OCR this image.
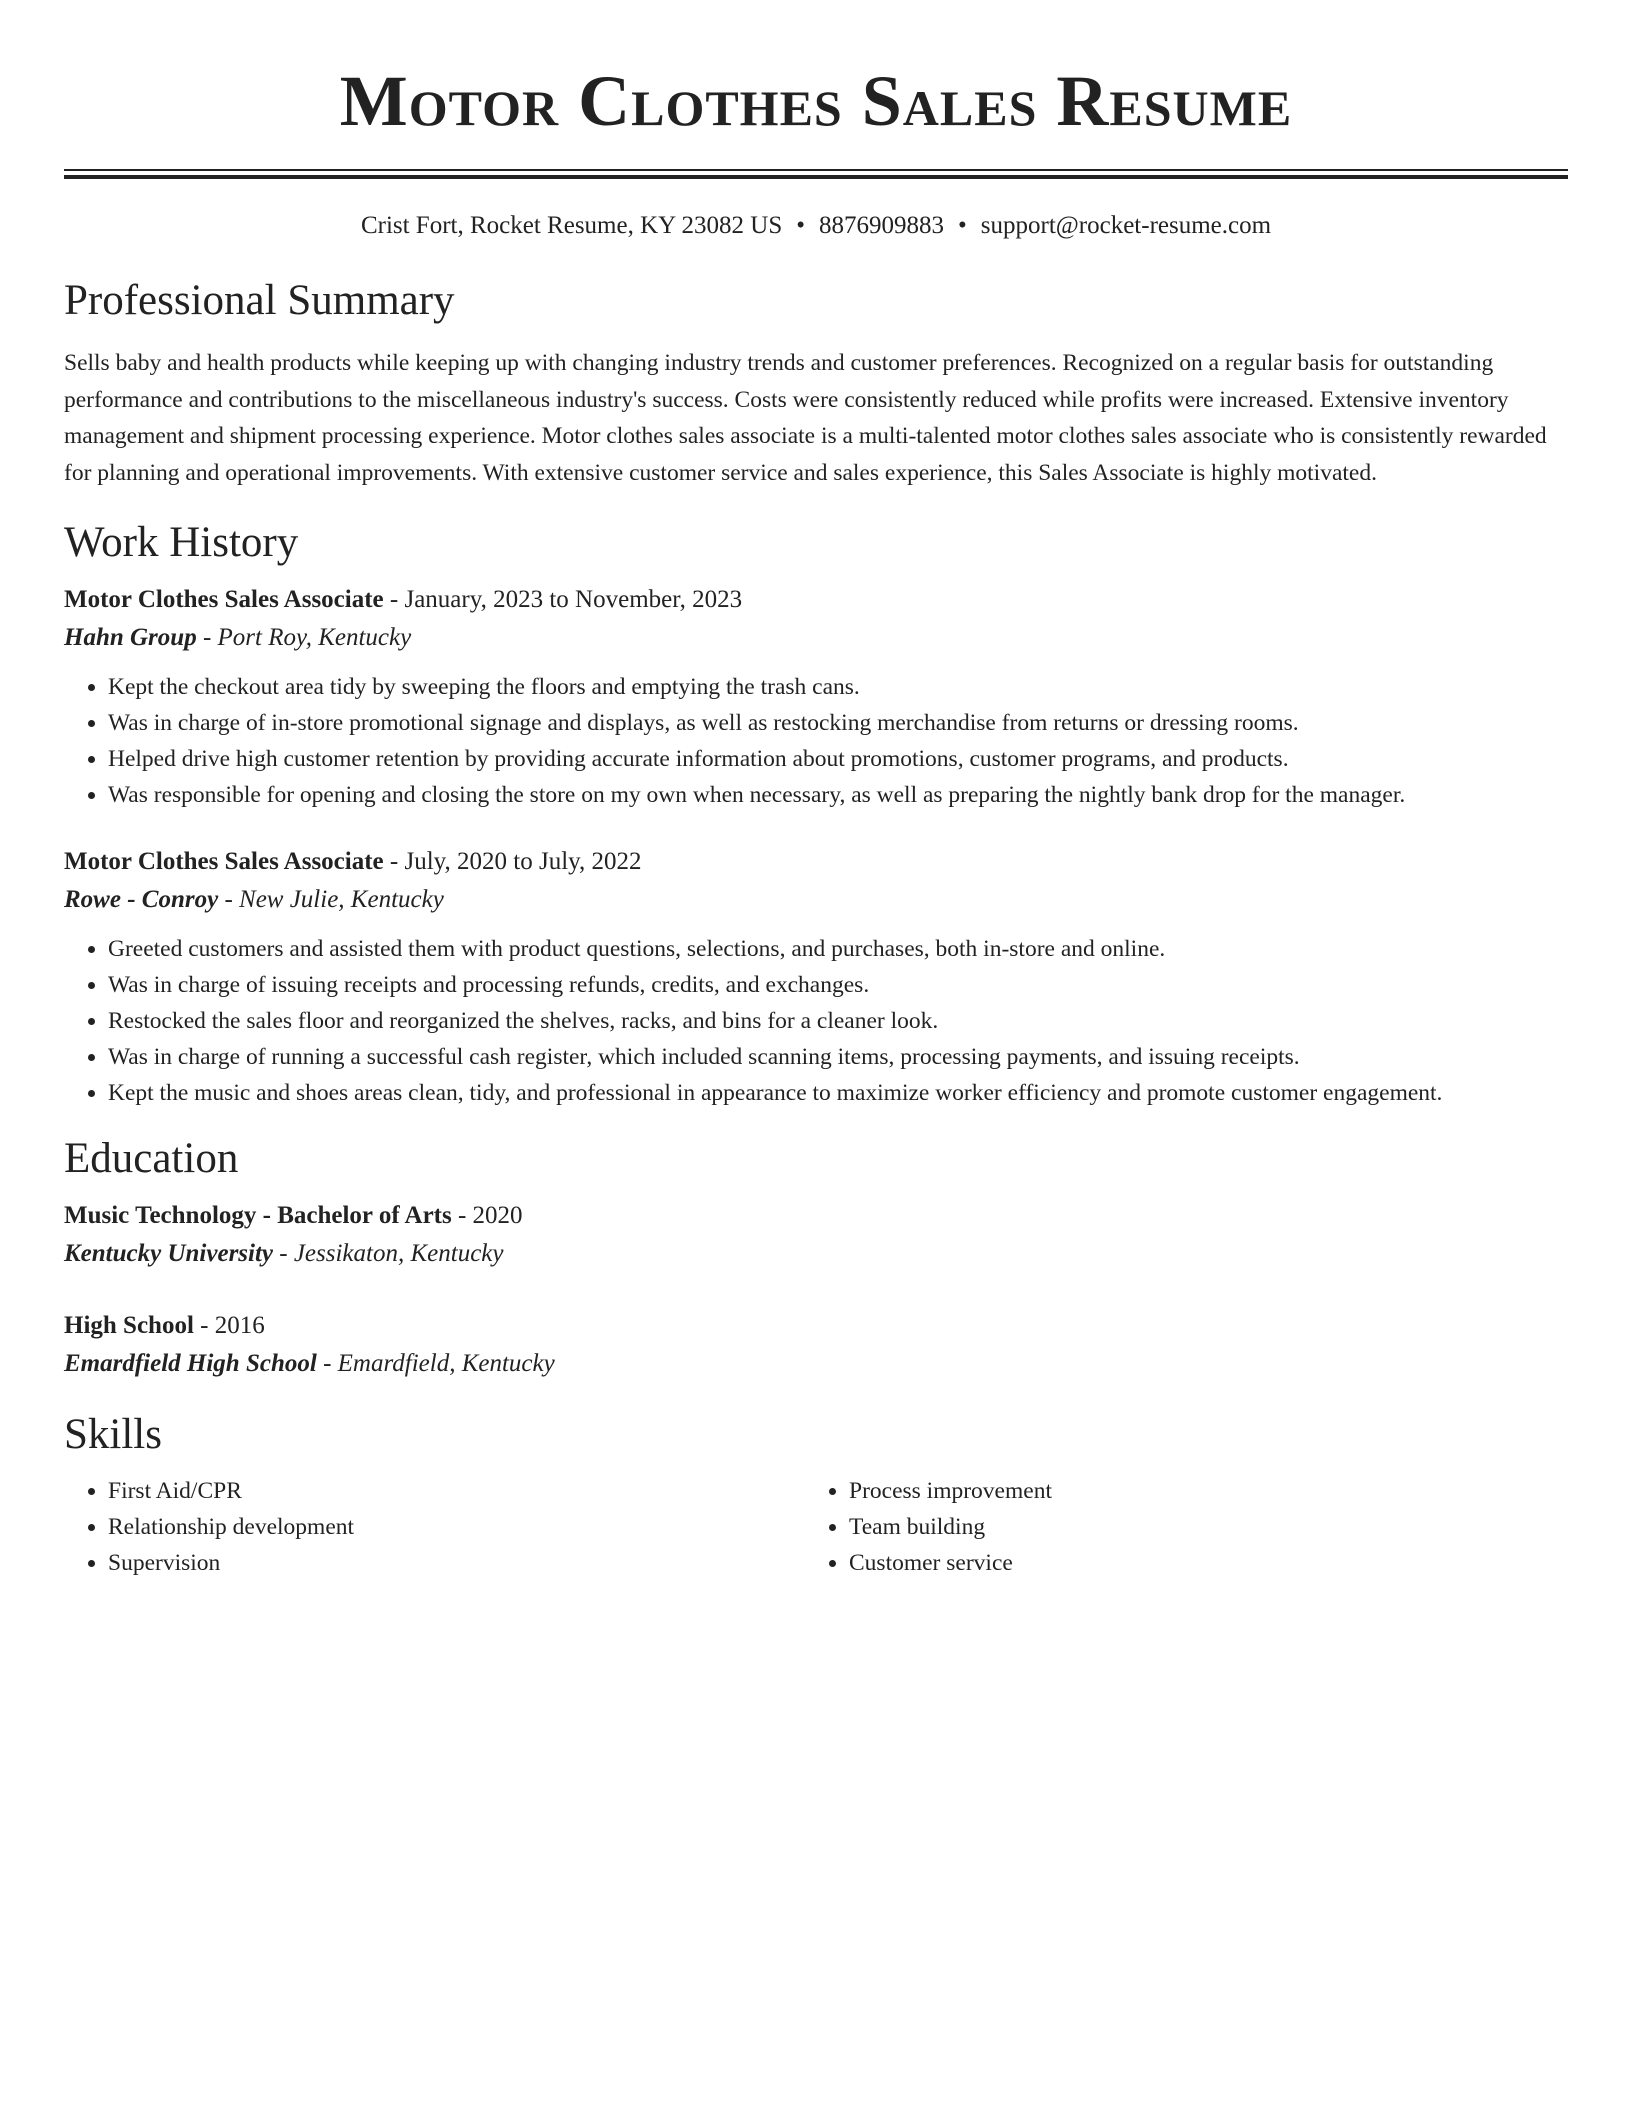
Motor Clothes Sales Resume
Crist Fort, Rocket Resume, KY 23082 US • 8876909883 • support@rocket-resume.com
Professional Summary

Sells baby and health products while keeping up with changing industry trends and customer preferences. Recognized on a regular basis for outstanding performance and contributions to the miscellaneous industry's success. Costs were consistently reduced while profits were increased. Extensive inventory management and shipment processing experience. Motor clothes sales associate is a multi-talented motor clothes sales associate who is consistently rewarded for planning and operational improvements. With extensive customer service and sales experience, this Sales Associate is highly motivated.

Work History

Motor Clothes Sales Associate - January, 2023 to November, 2023

Hahn Group - Port Roy, Kentucky

• Kept the checkout area tidy by sweeping the floors and emptying the trash cans.
• Was in charge of in-store promotional signage and displays, as well as restocking merchandise from returns or dressing rooms.
• Helped drive high customer retention by providing accurate information about promotions, customer programs, and products.
• Was responsible for opening and closing the store on my own when necessary, as well as preparing the nightly bank drop for the manager.

Motor Clothes Sales Associate - July, 2020 to July, 2022

Rowe - Conroy - New Julie, Kentucky

• Greeted customers and assisted them with product questions, selections, and purchases, both in-store and online.
• Was in charge of issuing receipts and processing refunds, credits, and exchanges.
• Restocked the sales floor and reorganized the shelves, racks, and bins for a cleaner look.
• Was in charge of running a successful cash register, which included scanning items, processing payments, and issuing receipts.
• Kept the music and shoes areas clean, tidy, and professional in appearance to maximize worker efficiency and promote customer engagement.
Education

Music Technology - Bachelor of Arts - 2020

Kentucky University - Jessikaton, Kentucky

High School - 2016

Emardfield High School - Emardfield, Kentucky

Skills
• First Aid/CPR
• Relationship development
• Supervision
• Process improvement
• Team building
• Customer service
